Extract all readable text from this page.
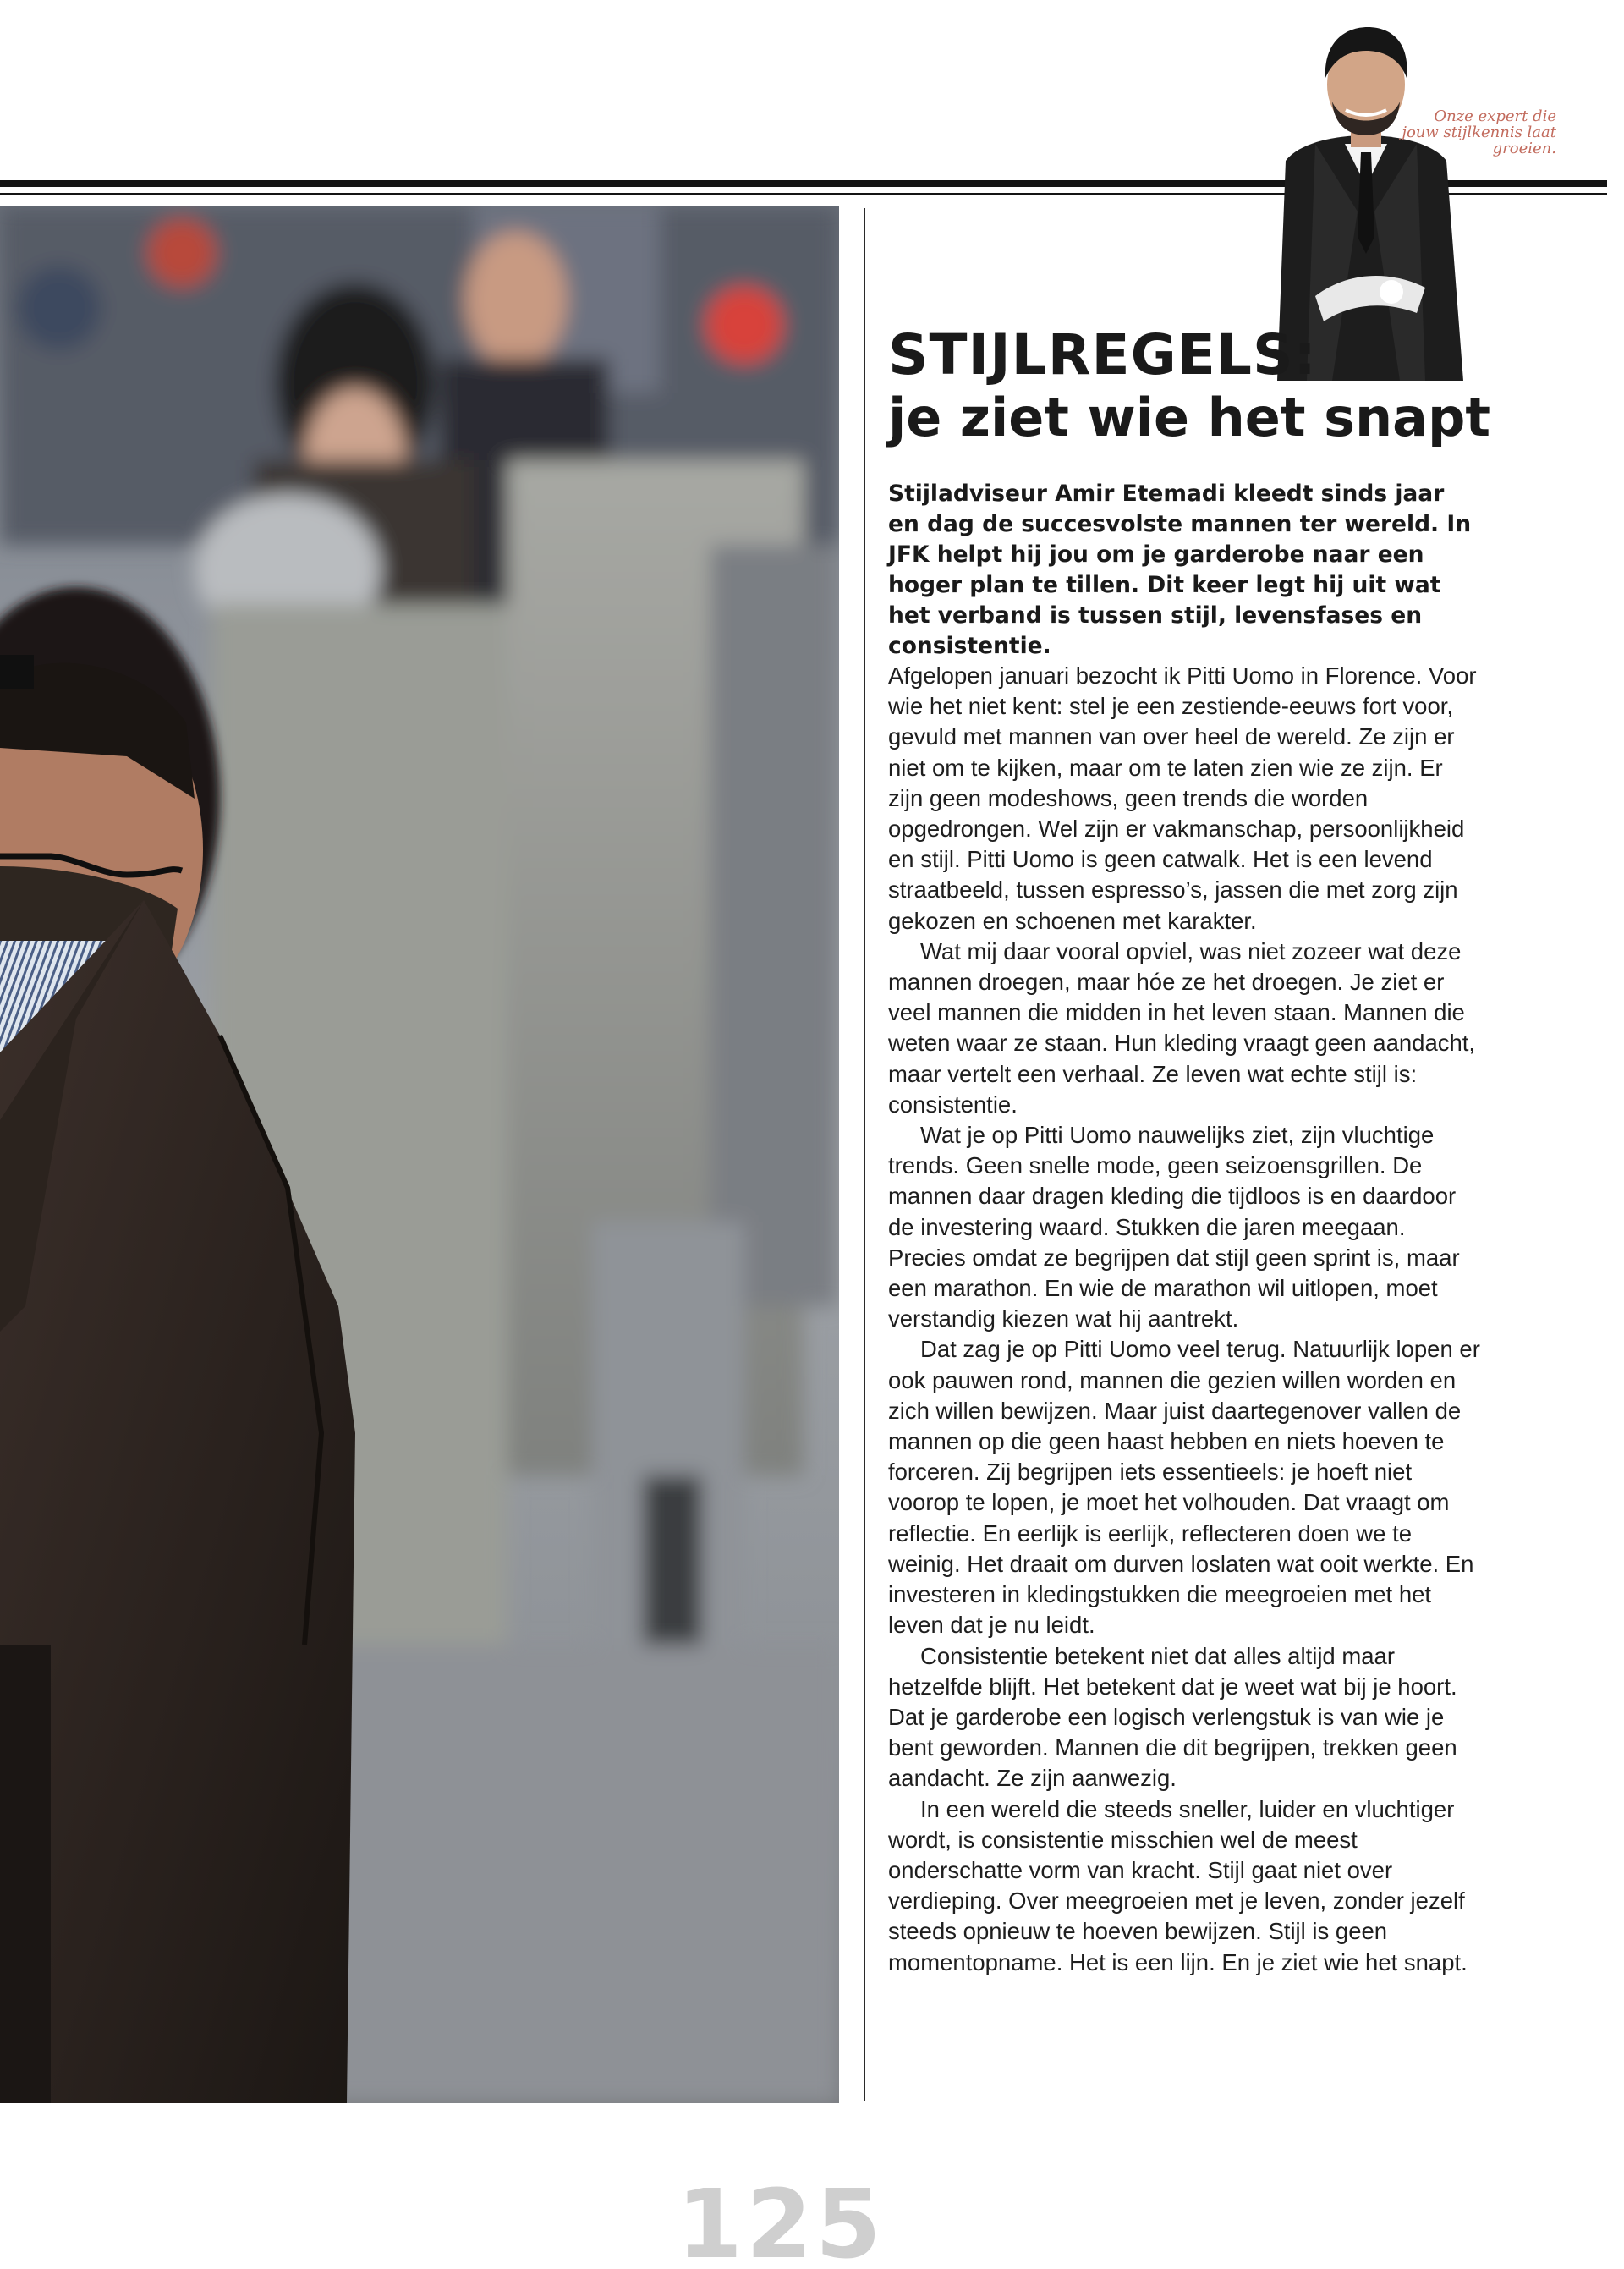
Onze expert die jouw stijlkennis laat groeien.
STIJLREGELS:
je ziet wie het snapt
Stijladviseur Amir Etemadi kleedt sinds jaar en dag de succesvolste mannen ter wereld. In JFK helpt hij jou om je garderobe naar een hoger plan te tillen. Dit keer legt hij uit wat het verband is tussen stijl, levensfases en consistentie.

Afgelopen januari bezocht ik Pitti Uomo in Florence. Voor wie het niet kent: stel je een zestiende-eeuws fort voor, gevuld met mannen van over heel de wereld. Ze zijn er niet om te kijken, maar om te laten zien wie ze zijn. Er zijn geen modeshows, geen trends die worden opgedrongen. Wel zijn er vakmanschap, persoonlijkheid en stijl. Pitti Uomo is geen catwalk. Het is een levend straatbeeld, tussen espresso’s, jassen die met zorg zijn gekozen en schoenen met karakter.

Wat mij daar vooral opviel, was niet zozeer wat deze mannen droegen, maar hóe ze het droegen. Je ziet er veel mannen die midden in het leven staan. Mannen die weten waar ze staan. Hun kleding vraagt geen aandacht, maar vertelt een verhaal. Ze leven wat echte stijl is: consistentie.

Wat je op Pitti Uomo nauwelijks ziet, zijn vluchtige trends. Geen snelle mode, geen seizoensgrillen. De mannen daar dragen kleding die tijdloos is en daardoor de investering waard. Stukken die jaren meegaan. Precies omdat ze begrijpen dat stijl geen sprint is, maar een marathon. En wie de marathon wil uitlopen, moet verstandig kiezen wat hij aantrekt.

Dat zag je op Pitti Uomo veel terug. Natuurlijk lopen er ook pauwen rond, mannen die gezien willen worden en zich willen bewijzen. Maar juist daartegenover vallen de mannen op die geen haast hebben en niets hoeven te forceren. Zij begrijpen iets essentieels: je hoeft niet voorop te lopen, je moet het volhouden. Dat vraagt om reflectie. En eerlijk is eerlijk, reflecteren doen we te weinig. Het draait om durven loslaten wat ooit werkte. En investeren in kledingstukken die meegroeien met het leven dat je nu leidt.

Consistentie betekent niet dat alles altijd maar hetzelfde blijft. Het betekent dat je weet wat bij je hoort. Dat je garderobe een logisch verlengstuk is van wie je bent geworden. Mannen die dit begrijpen, trekken geen aandacht. Ze zijn aanwezig.

In een wereld die steeds sneller, luider en vluchtiger wordt, is consistentie misschien wel de meest onderschatte vorm van kracht. Stijl gaat niet over verdieping. Over meegroeien met je leven, zonder jezelf steeds opnieuw te hoeven bewijzen. Stijl is geen momentopname. Het is een lijn. En je ziet wie het snapt.

125
